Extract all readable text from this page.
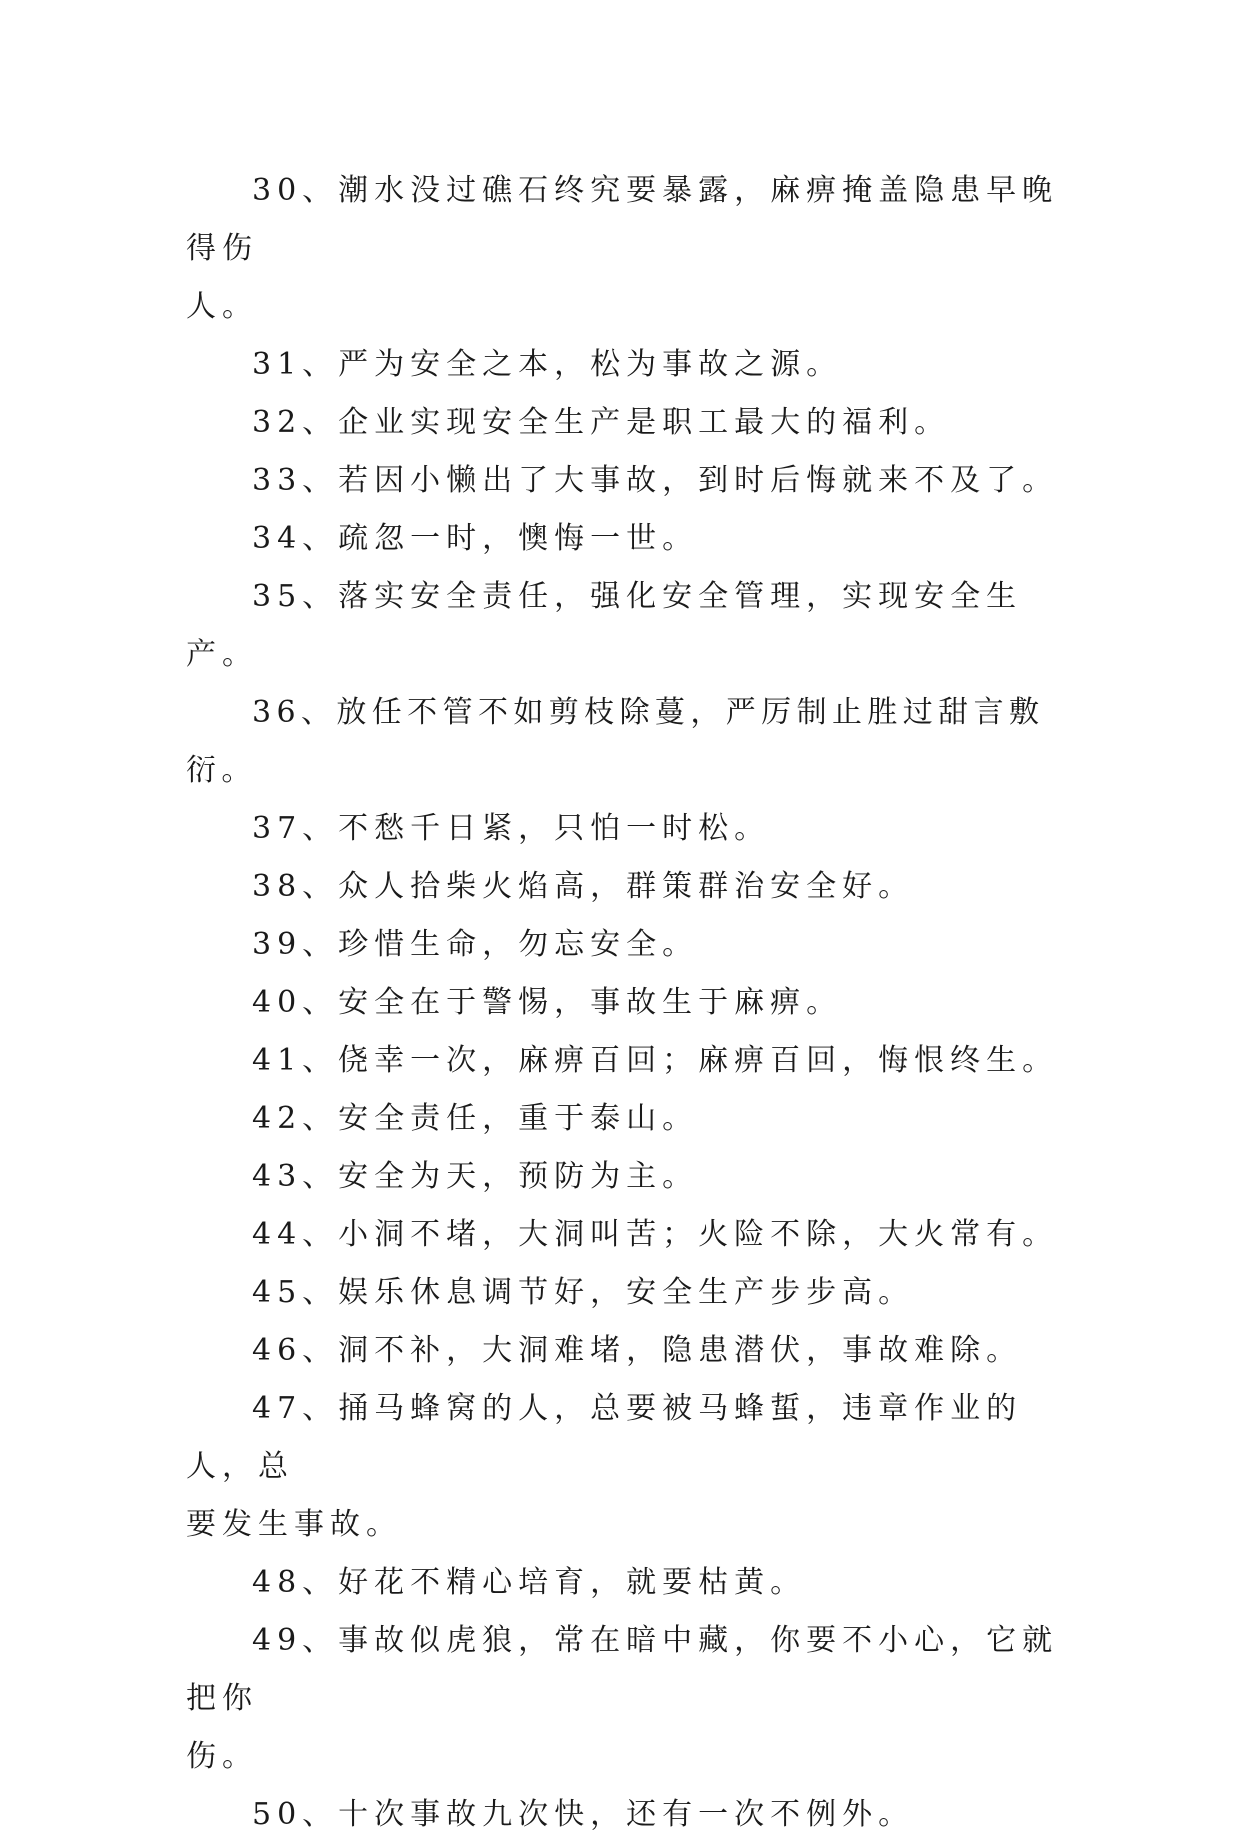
30、潮水没过礁石终究要暴露，麻痹掩盖隐患早晚得伤

人。

31、严为安全之本，松为事故之源。

32、企业实现安全生产是职工最大的福利。

33、若因小懒出了大事故，到时后悔就来不及了。

34、疏忽一时，懊悔一世。

35、落实安全责任，强化安全管理，实现安全生产。

36、放任不管不如剪枝除蔓，严厉制止胜过甜言敷衍。

37、不愁千日紧，只怕一时松。

38、众人拾柴火焰高，群策群治安全好。

39、珍惜生命，勿忘安全。

40、安全在于警惕，事故生于麻痹。

41、侥幸一次，麻痹百回；麻痹百回，悔恨终生。

42、安全责任，重于泰山。

43、安全为天，预防为主。

44、小洞不堵，大洞叫苦；火险不除，大火常有。

45、娱乐休息调节好，安全生产步步高。

46、洞不补，大洞难堵，隐患潜伏，事故难除。

47、捅马蜂窝的人，总要被马蜂蜇，违章作业的人，总

要发生事故。

48、好花不精心培育，就要枯黄。

49、事故似虎狼，常在暗中藏，你要不小心，它就把你

伤。

50、十次事故九次快，还有一次不例外。
